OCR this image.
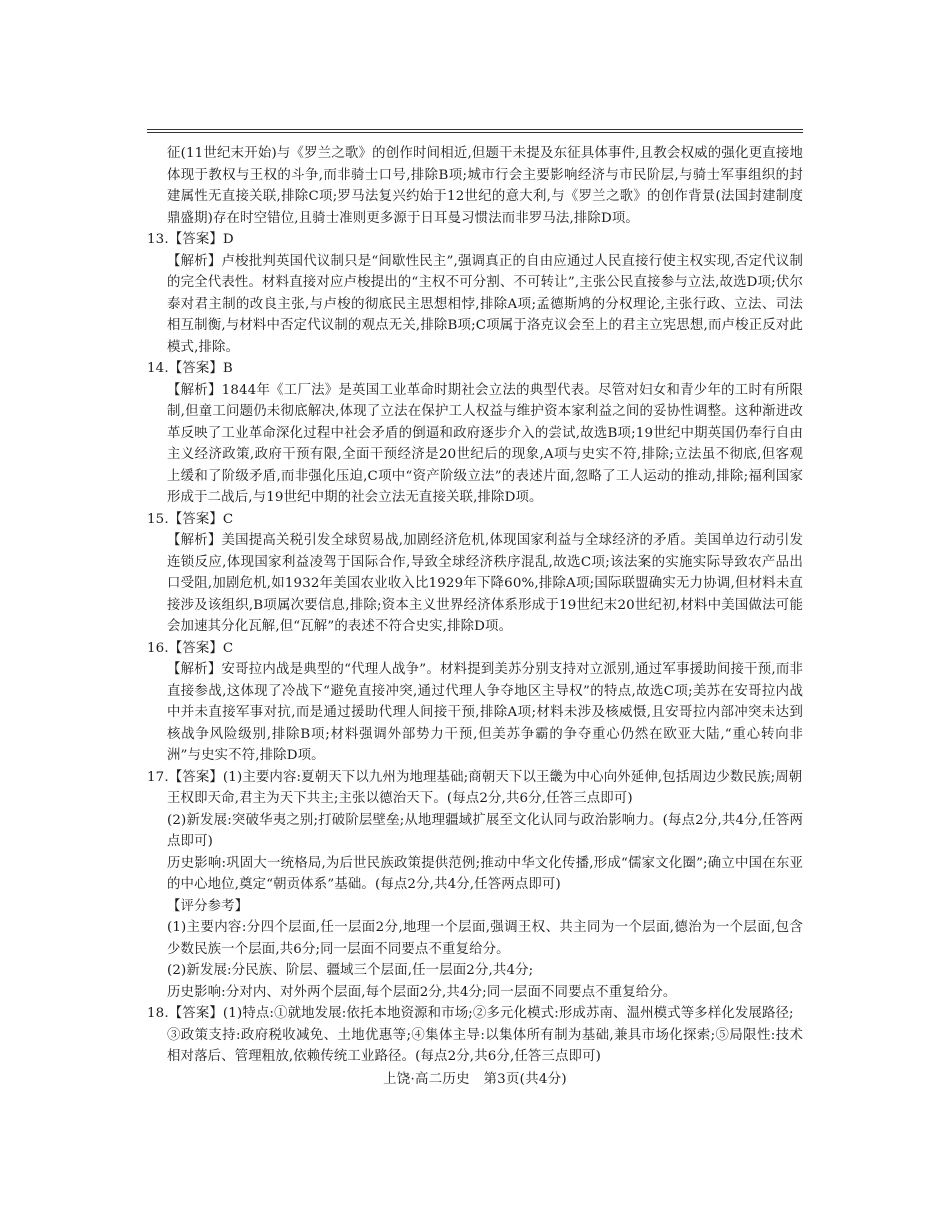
征(11世纪末开始)与《罗兰之歌》的创作时间相近,但题干未提及东征具体事件,且教会权威的强化更直接地体现于教权与王权的斗争,而非骑士口号,排除B项;城市行会主要影响经济与市民阶层,与骑士军事组织的封建属性无直接关联,排除C项;罗马法复兴约始于12世纪的意大利,与《罗兰之歌》的创作背景(法国封建制度鼎盛期)存在时空错位,且骑士准则更多源于日耳曼习惯法而非罗马法,排除D项。
13.【答案】D
【解析】卢梭批判英国代议制只是“间歇性民主”,强调真正的自由应通过人民直接行使主权实现,否定代议制的完全代表性。材料直接对应卢梭提出的“主权不可分割、不可转让”,主张公民直接参与立法,故选D项;伏尔泰对君主制的改良主张,与卢梭的彻底民主思想相悖,排除A项;孟德斯鸠的分权理论,主张行政、立法、司法相互制衡,与材料中否定代议制的观点无关,排除B项;C项属于洛克议会至上的君主立宪思想,而卢梭正反对此模式,排除。
14.【答案】B
【解析】1844年《工厂法》是英国工业革命时期社会立法的典型代表。尽管对妇女和青少年的工时有所限制,但童工问题仍未彻底解决,体现了立法在保护工人权益与维护资本家利益之间的妥协性调整。这种渐进改革反映了工业革命深化过程中社会矛盾的倒逼和政府逐步介入的尝试,故选B项;19世纪中期英国仍奉行自由主义经济政策,政府干预有限,全面干预经济是20世纪后的现象,A项与史实不符,排除;立法虽不彻底,但客观上缓和了阶级矛盾,而非强化压迫,C项中“资产阶级立法”的表述片面,忽略了工人运动的推动,排除;福利国家形成于二战后,与19世纪中期的社会立法无直接关联,排除D项。
15.【答案】C
【解析】美国提高关税引发全球贸易战,加剧经济危机,体现国家利益与全球经济的矛盾。美国单边行动引发连锁反应,体现国家利益凌驾于国际合作,导致全球经济秩序混乱,故选C项;该法案的实施实际导致农产品出口受阻,加剧危机,如1932年美国农业收入比1929年下降60%,排除A项;国际联盟确实无力协调,但材料未直接涉及该组织,B项属次要信息,排除;资本主义世界经济体系形成于19世纪末20世纪初,材料中美国做法可能会加速其分化瓦解,但“瓦解”的表述不符合史实,排除D项。
16.【答案】C
【解析】安哥拉内战是典型的“代理人战争”。材料提到美苏分别支持对立派别,通过军事援助间接干预,而非直接参战,这体现了冷战下“避免直接冲突,通过代理人争夺地区主导权”的特点,故选C项;美苏在安哥拉内战中并未直接军事对抗,而是通过援助代理人间接干预,排除A项;材料未涉及核威慑,且安哥拉内部冲突未达到核战争风险级别,排除B项;材料强调外部势力干预,但美苏争霸的争夺重心仍然在欧亚大陆,“重心转向非洲”与史实不符,排除D项。
17.【答案】(1)主要内容:夏朝天下以九州为地理基础;商朝天下以王畿为中心向外延伸,包括周边少数民族;周朝
王权即天命,君主为天下共主;主张以德治天下。(每点2分,共6分,任答三点即可)
(2)新发展:突破华夷之别;打破阶层壁垒;从地理疆域扩展至文化认同与政治影响力。(每点2分,共4分,任答两点即可)
历史影响:巩固大一统格局,为后世民族政策提供范例;推动中华文化传播,形成“儒家文化圈”;确立中国在东亚的中心地位,奠定“朝贡体系”基础。(每点2分,共4分,任答两点即可)
【评分参考】
(1)主要内容:分四个层面,任一层面2分,地理一个层面,强调王权、共主同为一个层面,德治为一个层面,包含少数民族一个层面,共6分;同一层面不同要点不重复给分。
(2)新发展:分民族、阶层、疆域三个层面,任一层面2分,共4分;
历史影响:分对内、对外两个层面,每个层面2分,共4分;同一层面不同要点不重复给分。
18.【答案】(1)特点:①就地发展:依托本地资源和市场;②多元化模式:形成苏南、温州模式等多样化发展路径;
③政策支持:政府税收减免、土地优惠等;④集体主导:以集体所有制为基础,兼具市场化探索;⑤局限性:技术相对落后、管理粗放,依赖传统工业路径。(每点2分,共6分,任答三点即可)
上饶·高二历史　第3页(共4分)
